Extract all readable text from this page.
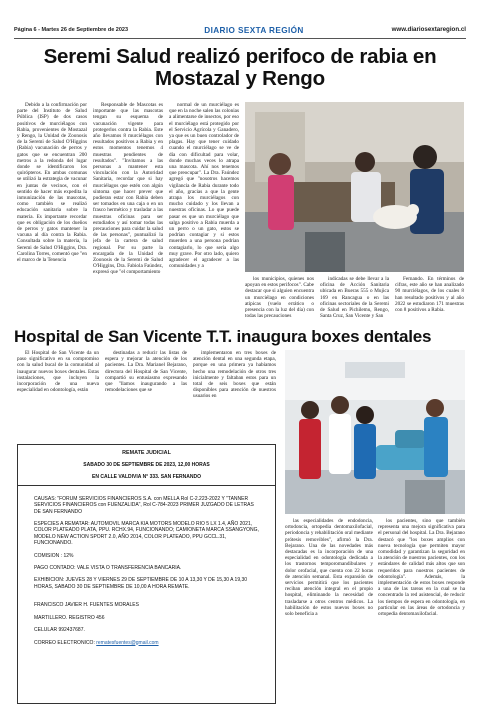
Página 6 - Martes 26 de Septiembre de 2023	DIARIO SEXTA REGIÓN	www.diariosextaregion.cl
Seremi Salud realizó perifoco de rabia en Mostazal y Rengo

Debido a la confirmación por parte del Instituto de Salud Pública (ISP) de dos casos positivos de murciélagos con Rabia, provenientes de Mostazal y Rengo, la Unidad de Zoonosis de la Seremi de Salud O'Higgins (Rabia) vacunación de perros y gatos que se encuentran 200 metros a la redonda del lugar donde se identificaron los quirópteros. En ambas comunas se utilizó la estrategia de vacunar en juntas de vecinos, con el sentido de hacer más expedita la inmunización de las mascotas, como también se realizó educación sanitaria sobre la materia. Es importante recordar que es obligación de los dueños de perros y gatos mantener la vacuna al día contra la Rabia. Consultada sobre la materia, la Seremi de Salud O'Higgins, Dra. Carolina Torres, comentó que "en el marco de la Tenencia

Responsable de Mascotas es importante que las mascotas tengan su esquema de vacunación vigente para protegerlos contra la Rabia. Este año llevamos 8 murciélagos con resultados positivos a Rabia y en estos momentos tenemos 4 muestras pendientes de resultados". "Invitamos a las personas a mantener esta vinculación con la Autoridad Sanitaria, recordar que si hay murciélagos que estén con algún síntoma que hacer prever que pudieran estar con Rabia deben ser tomados en una caja o en un frasco hermético y trasladar a las muestras oficinas para ser estudiados y así tomar todas las precauciones para cuidar la salud de las personas", puntualizó la jefa de la cartera de salud regional. Por su parte la encargada de la Unidad de Zoonosis de la Seremi de Salud O'Higgins, Dra. Fabiola Faúndez, expresó que "el comportamiento

normal de un murciélago es que en la noche salen las colonias a alimentarse de insectos, por eso el murciélago está protegido por el Servicio Agrícola y Ganadero, ya que es un buen controlador de plagas. Hay que tener cuidado cuando el murciélago se ve de día con dificultad para volar, donde muchas veces lo atrapa una mascota. Ahí nos tenemos que preocupar". La Dra. Faúndez agregó que "nosotros hacemos vigilancia de Rabia durante todo el año, gracias a que la gente atrapa los murciélagos con mucho cuidado y los llevan a nuestras oficinas. Lo que puede pasar es que un murciélago que salga positivo a Rabia muerda a un perro o un gato, estos se podrían contagiar y si estos muerden a una persona podrían contagiarlo, lo que sería algo muy grave. Por otro lado, quiero agradecer el agradecer a las comunidades y a

los municipios, quienes nos apoyan en estos perifocos". Cabe destacar que si alguien encuentra un murciélago en condiciones atípicas (vuelo errático o presencia con la luz del día) con todas las precauciones

indicadas se debe llevar a la oficina de Acción Sanitaria ubicada en Bueras 555 o Mujica 169 en Rancagua o en las oficinas sectoriales de la Seremi de Salud en Pichilemu, Rengo, Santa Cruz, San Vicente y San

Fernando. En términos de cifras, este año se han analizado 90 murciélagos, de los cuales 8 han resultado positivos y al año 2022 se estudiaron 171 muestras con 8 positivos a Rabia.

Hospital de San Vicente T.T. inaugura boxes dentales

El Hospital de San Vicente da un paso significativo en su compromiso con la salud bucal de la comunidad al inaugurar nuevos boxes dentales. Estas instalaciones, que incluyen la incorporación de una nueva especialidad en odontología, están

destinadas a reducir las listas de espera y mejorar la atención de los pacientes. La Dra. Marianel Bejarano, directora del Hospital de San Vicente, compartió su entusiasmo expresando que "llamos inaugurando a las remodelaciones que se

implementaron en tres boxes de atención dental en una segunda etapa, porque en una primera ya habíamos hecho una remodelación de otros tres inicialmente y faltaban estos para un total de seis boxes que están disponibles para atención de nuestros usuarios en

REMATE JUDICIAL
SABADO 30 DE SEPTIEMBRE DE 2023, 12,00 HORAS
EN CALLE VALDIVIA N° 333. SAN FERNANDO
CAUSAS: "FORUM SERVICIOS FINANCIEROS S.A. con MELLA Rol C-2.223-2022 Y "TANNER SERVICIOS FINANCIEROS con FUENZALIDA", Rol C-784-2023 PRIMER JUZGADO DE LETRAS DE SAN FERNANDO
ESPECIES A REMATAR: AUTOMOVIL MARCA KIA MOTORS MODELO RIO 5 LX 1.4, AÑO 2021, COLOR PLATEADO PLATA, PPU. RCHX.94, FUNCIONANDO; CAMIONETA MARCA SSANGYONG, MODELO NEW ACTION SPORT 2.0, AÑO 2014, COLOR PLATEADO, PPU GCCL.31, FUNCIONANDO.
COMISION : 12%
PAGO CONTADO: VALE VISTA O TRANSFERENCIA BANCARIA.
EXHIBICION: JUEVES 28 Y VIERNES 29 DE SEPTIEMBRE DE 10 A 13,30 Y DE 15,30 A 19,30 HORAS, SABADO 30 DE SEPTIEMBRE DE 10,00 A HORA REMATE.
FRANCISCO JAVIER H. FUENTES MORALES
MARTILLERO. REGISTRO 456
CELULAR 992437687.
CORREO ELECTRONICO: rematesfuentes@gmail.com

las especialidades de endodoncia, ortodoncia, ortopedia dentomaxilofacial, periodoncia y rehabilitación oral mediante prótesis removibles", afirmó la Dra. Bejarano. Una de las novedades más destacadas es la incorporación de una especialidad en odontología dedicada a los trastornos temporomandibulares y dolor orofacial, que cuenta con 22 horas de atención semanal. Esta expansión de servicios permitirá que los pacientes reciban atención integral en el propio hospital, eliminando la necesidad de trasladarse a otros centros médicos. La habilitación de estos nuevos boxes no solo beneficia a

los pacientes, sino que también representa una mejora significativa para el personal del hospital. La Dra. Bejarano destacó que "los boxes amplios con nueva tecnología que permiten mayor comodidad y garantizan la seguridad en la atención de nuestros pacientes, con los estándares de calidad más altos que son requeridos para nuestros pacientes de odontología". Además, la implementación de estos boxes responde a una de las tareas en la cual se ha concentrado la red asistencial, de reducir los tiempos de espera en odontología, en particular en las áreas de ortodoncia y ortopedia dentomaxilofacial.
